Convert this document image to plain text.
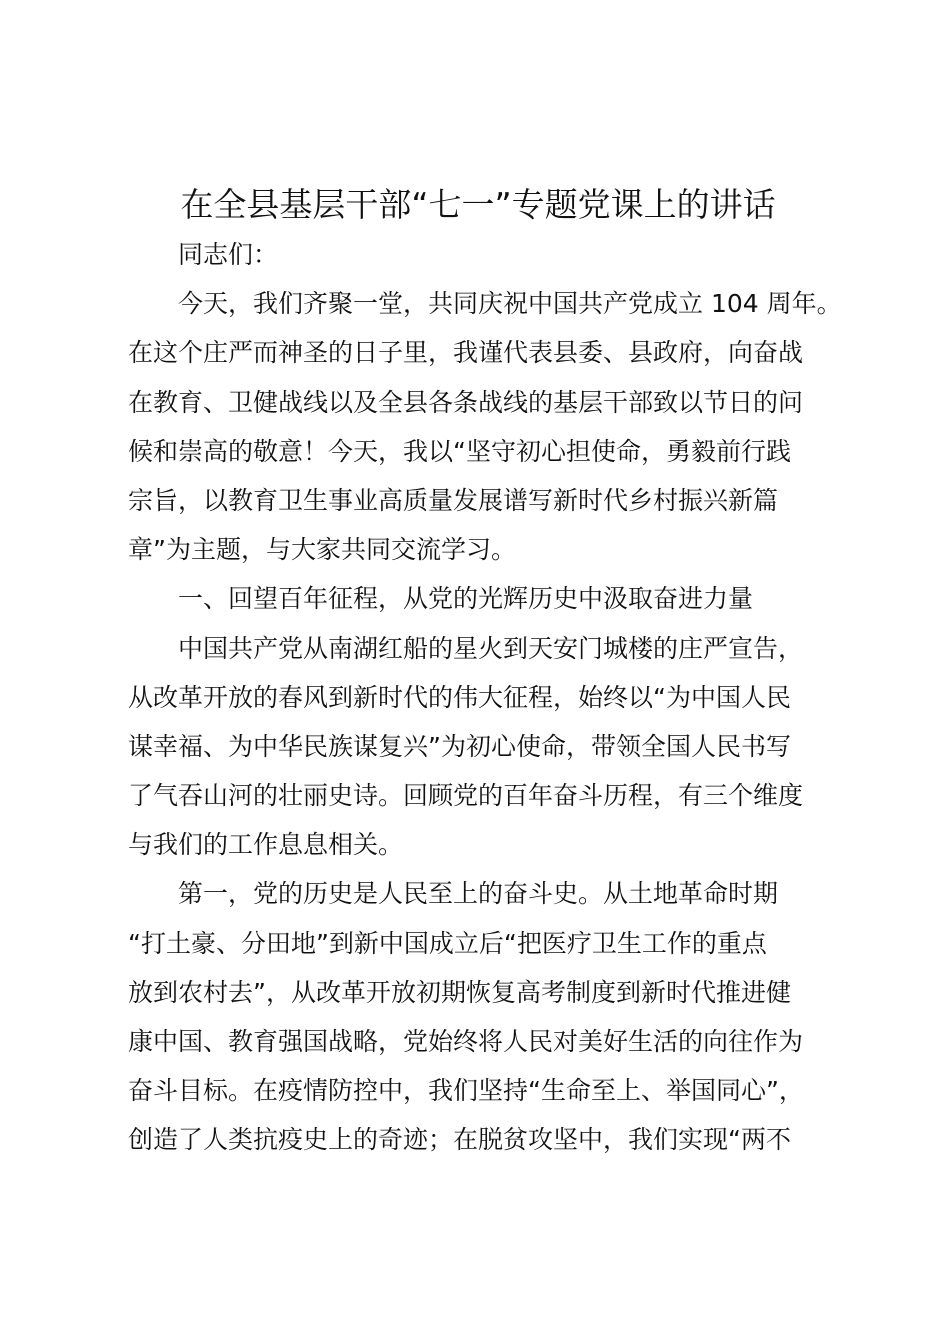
在全县基层干部“七一”专题党课上的讲话
同志们：
今天，我们齐聚一堂，共同庆祝中国共产党成立 104 周年。
在这个庄严而神圣的日子里，我谨代表县委、县政府，向奋战
在教育、卫健战线以及全县各条战线的基层干部致以节日的问
候和崇高的敬意！今天，我以“坚守初心担使命，勇毅前行践
宗旨，以教育卫生事业高质量发展谱写新时代乡村振兴新篇
章”为主题，与大家共同交流学习。
一、回望百年征程，从党的光辉历史中汲取奋进力量
中国共产党从南湖红船的星火到天安门城楼的庄严宣告，
从改革开放的春风到新时代的伟大征程，始终以“为中国人民
谋幸福、为中华民族谋复兴”为初心使命，带领全国人民书写
了气吞山河的壮丽史诗。回顾党的百年奋斗历程，有三个维度
与我们的工作息息相关。
第一，党的历史是人民至上的奋斗史。从土地革命时期
“打土豪、分田地”到新中国成立后“把医疗卫生工作的重点
放到农村去”，从改革开放初期恢复高考制度到新时代推进健
康中国、教育强国战略，党始终将人民对美好生活的向往作为
奋斗目标。在疫情防控中，我们坚持“生命至上、举国同心”，
创造了人类抗疫史上的奇迹；在脱贫攻坚中，我们实现“两不
